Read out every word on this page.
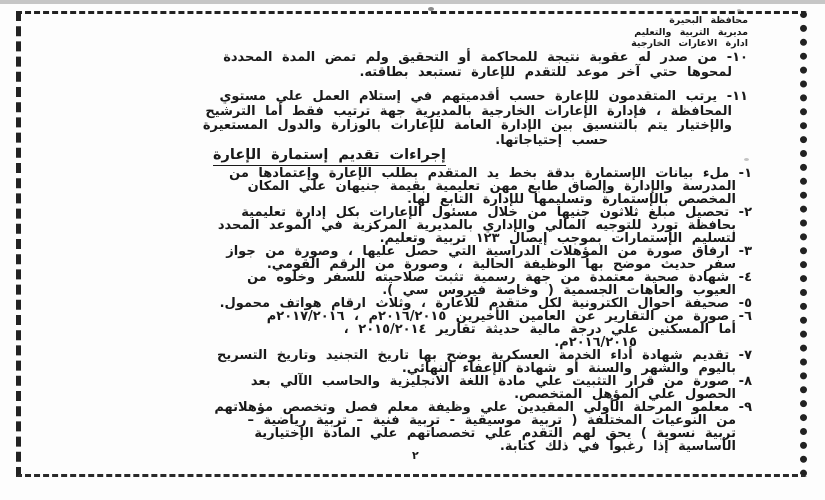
محافظة البحيرة
مديرية التربية والتعليم
ادارة الاعارات الخارجية
١٠- من صدر له عقوبة نتيجة للمحاكمة أو التحقيق ولم تمض المدة المحددة
لمحوها حتي آخر موعد للتقدم للإعارة تستبعد بطاقته.
١١- يرتب المتقدمون للإعارة حسب أقدميتهم في إستلام العمل علي مستوي
المحافظة ، فإدارة الإعارات الخارجية بالمديرية جهة ترتيب فقط أما الترشيح
والإختيار يتم بالتنسيق بين الإدارة العامة للإعارات بالوزارة والدول المستعيرة
حسب إحتياجاتها.
إجراءات تقديم إستمارة الإعارة
١- ملء بيانات الإستمارة بدقة بخط يد المتقدم بطلب الإعارة وإعتمادها من
المدرسة والإدارة وإلصاق طابع مهن تعليمية بقيمة جنيهان علي المكان
المخصص بالإستمارة وتسليمها للإدارة التابع لها.
٢- تحصيل مبلغ ثلاثون جنيها من خلال مسئول الإعارات بكل إدارة تعليمية
بحافظة تورد للتوجيه المالي والإداري بالمديرية المركزية في الموعد المحدد
لتسليم الإستمارات بموجب إيصال ١٢٣ تربية وتعليم.
٣- ارفاق صورة من المؤهلات الدراسية التي حصل عليها ، وصورة من جواز
سفر حديث موضح بها الوظيفة الحالية ، وصورة من الرقم القومي.
٤- شهادة صحية معتمدة من جهة رسمية تثبت صلاحيته للسفر وخلوه من
العيوب والعاهات الجسمية ( وخاصة فيروس سي ).
٥- صحيفة احوال الكترونية لكل متقدم للاعارة ، وثلاث ارقام هواتف محمول.
٦- صورة من التقارير عن العامين الأخيرين ٢٠١٦/٢٠١٥م ، ٢٠١٧/٢٠١٦م
أما المسكنين علي درجة مالية حديثة تقارير ٢٠١٥/٢٠١٤ ،
٢٠١٦/٢٠١٥م.
٧- تقديم شهادة أداء الخدمة العسكرية يوضح بها تاريخ التجنيد وتاريخ التسريح
باليوم والشهر والسنة أو شهادة الإعفاء النهائي.
٨- صورة من قرار التثبيت علي مادة اللغة الانجليزية والحاسب الآلي بعد
الحصول علي المؤهل المتخصص.
٩- معلمو المرحلة الأولي المقيدين علي وظيفة معلم فصل وتخصص مؤهلاتهم
من النوعيات المختلفة ( تربية موسيقية - تربية فنية – تربية رياضية –
تربية نسوية ) يحق لهم التقدم علي تخصصاتهم علي المادة الإختيارية
الأساسية إذا رغبوا في ذلك كتابة.
٢
